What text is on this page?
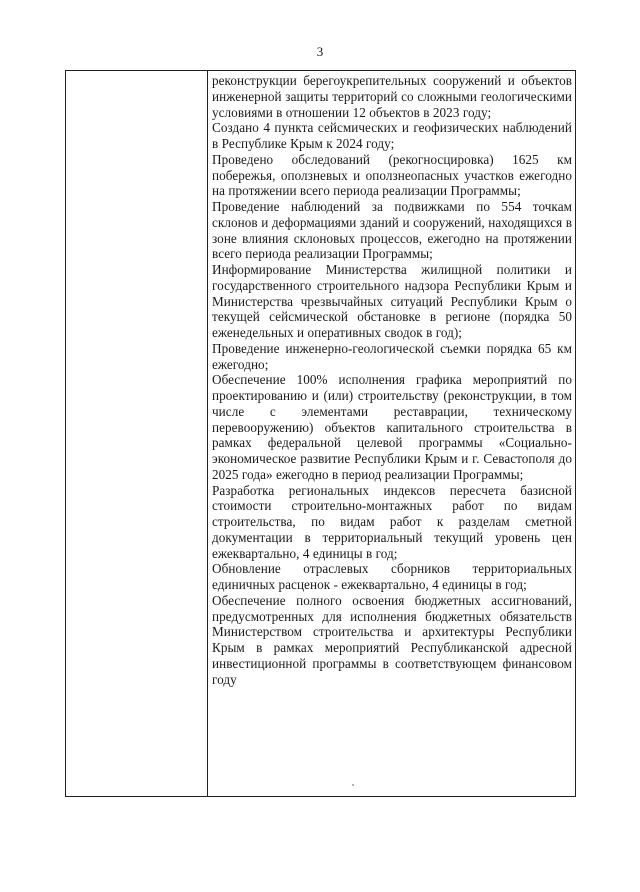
3

реконструкции берегоукрепительных сооружений и объектов инженерной защиты территорий со сложными геологическими условиями в отношении 12 объектов в 2023 году;

Создано 4 пункта сейсмических и геофизических наблюдений в Республике Крым к 2024 году;

Проведено обследований (рекогносцировка) 1625 км побережья, оползневых и оползнеопасных участков ежегодно на протяжении всего периода реализации Программы;

Проведение наблюдений за подвижками по 554 точкам склонов и деформациями зданий и сооружений, находящихся в зоне влияния склоновых процессов, ежегодно на протяжении всего периода реализации Программы;

Информирование Министерства жилищной политики и государственного строительного надзора Республики Крым и Министерства чрезвычайных ситуаций Республики Крым о текущей сейсмической обстановке в регионе (порядка 50 еженедельных и оперативных сводок в год);

Проведение инженерно-геологической съемки порядка 65 км ежегодно;

Обеспечение 100% исполнения графика мероприятий по проектированию и (или) строительству (реконструкции, в том числе с элементами реставрации, техническому перевооружению) объектов капитального строительства в рамках федеральной целевой программы «Социально-экономическое развитие Республики Крым и г. Севастополя до 2025 года» ежегодно в период реализации Программы;

Разработка региональных индексов пересчета базисной стоимости строительно-монтажных работ по видам строительства, по видам работ к разделам сметной документации в территориальный текущий уровень цен ежеквартально, 4 единицы в год;

Обновление отраслевых сборников территориальных единичных расценок - ежеквартально, 4 единицы в год;

Обеспечение полного освоения бюджетных ассигнований, предусмотренных для исполнения бюджетных обязательств Министерством строительства и архитектуры Республики Крым в рамках мероприятий Республиканской адресной инвестиционной программы в соответствующем финансовом году
